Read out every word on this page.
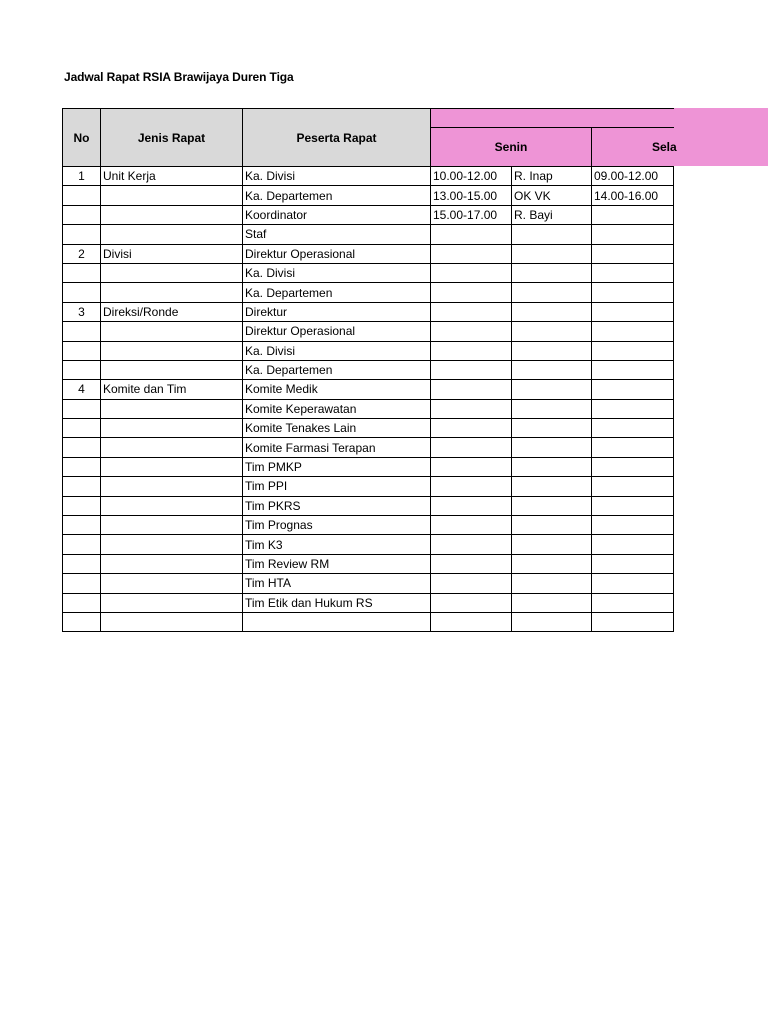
Jadwal Rapat RSIA Brawijaya Duren Tiga
No	Jenis Rapat	Peserta Rapat			
			Senin		Sela
1	Unit Kerja	Ka. Divisi	10.00-12.00	R. Inap	09.00-12.00
		Ka. Departemen	13.00-15.00	OK VK	14.00-16.00
		Koordinator	15.00-17.00	R. Bayi	
		Staf			
2	Divisi	Direktur Operasional			
		Ka. Divisi			
		Ka. Departemen			
3	Direksi/Ronde	Direktur			
		Direktur Operasional			
		Ka. Divisi			
		Ka. Departemen			
4	Komite dan Tim	Komite Medik			
		Komite Keperawatan			
		Komite Tenakes Lain			
		Komite Farmasi Terapan			
		Tim PMKP			
		Tim PPI			
		Tim PKRS			
		Tim Prognas			
		Tim K3			
		Tim Review RM			
		Tim HTA			
		Tim Etik dan Hukum RS			
